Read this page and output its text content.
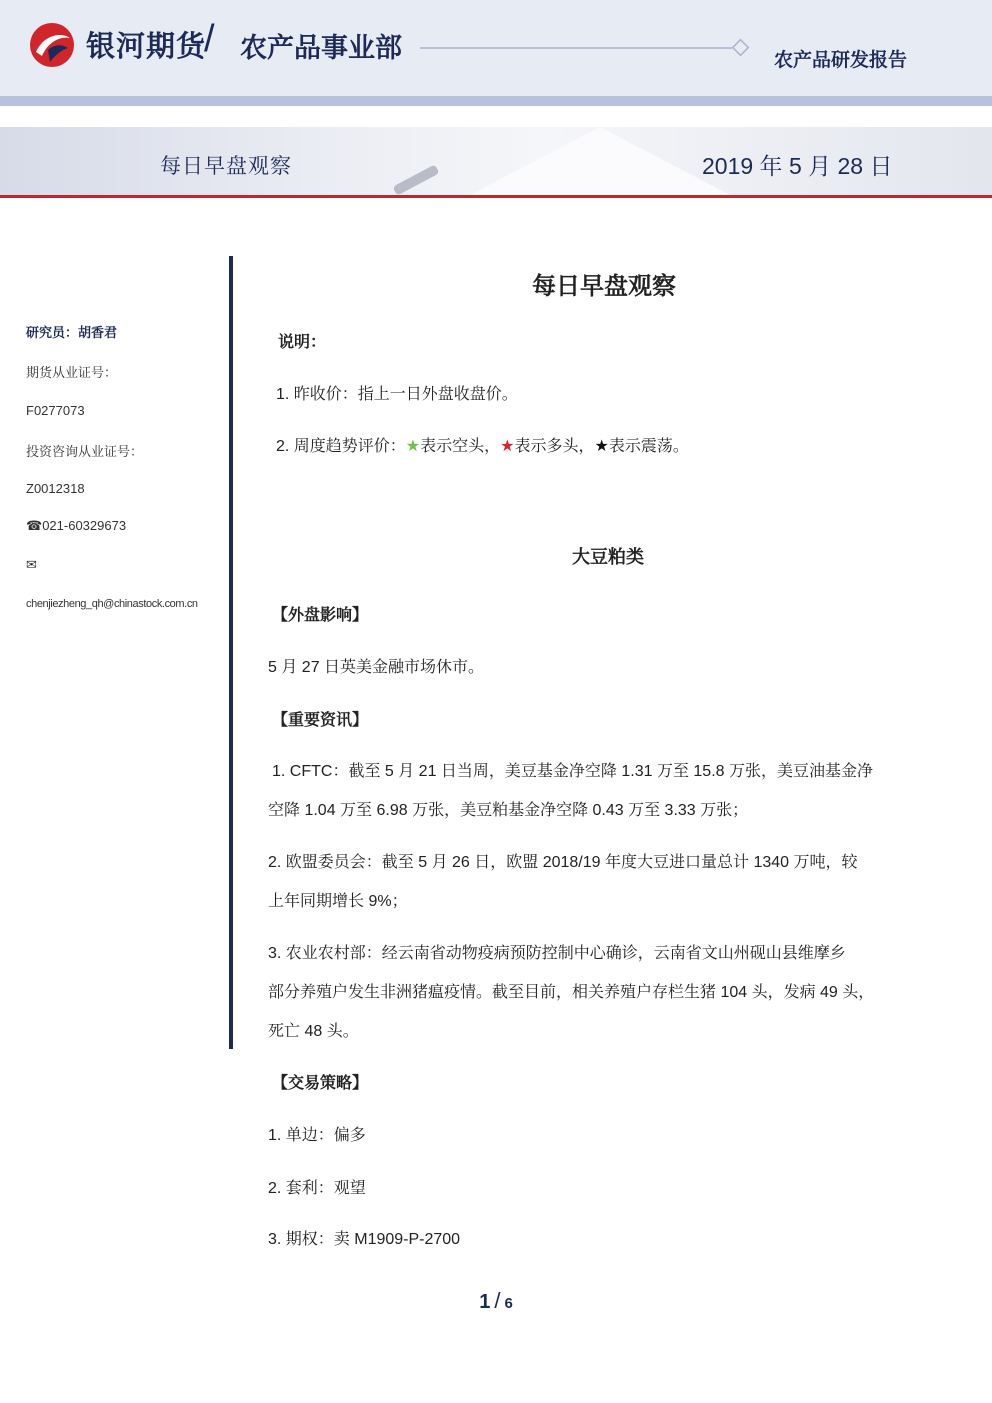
银河期货
/ 农产品事业部	农产品研发报告
每日早盘观察	2019 年 5 月 28 日
研究员：胡香君
期货从业证号：
F0277073
投资咨询从业证号：
Z0012318
☎021-60329673
✉
chenjiezheng_qh@chinastock.com.cn
每日早盘观察
说明：
1. 昨收价：指上一日外盘收盘价。
2. 周度趋势评价：★表示空头，★表示多头，★表示震荡。
大豆粕类
【外盘影响】
5 月 27 日英美金融市场休市。
【重要资讯】
1. CFTC：截至 5 月 21 日当周，美豆基金净空降 1.31 万至 15.8 万张，美豆油基金净
空降 1.04 万至 6.98 万张，美豆粕基金净空降 0.43 万至 3.33 万张；
2. 欧盟委员会：截至 5 月 26 日，欧盟 2018/19 年度大豆进口量总计 1340 万吨，较
上年同期增长 9%；
3. 农业农村部：经云南省动物疫病预防控制中心确诊，云南省文山州砚山县维摩乡
部分养殖户发生非洲猪瘟疫情。截至目前，相关养殖户存栏生猪 104 头，发病 49 头，
死亡 48 头。
【交易策略】
1. 单边：偏多
2. 套利：观望
3. 期权：卖 M1909-P-2700
1 / 6
